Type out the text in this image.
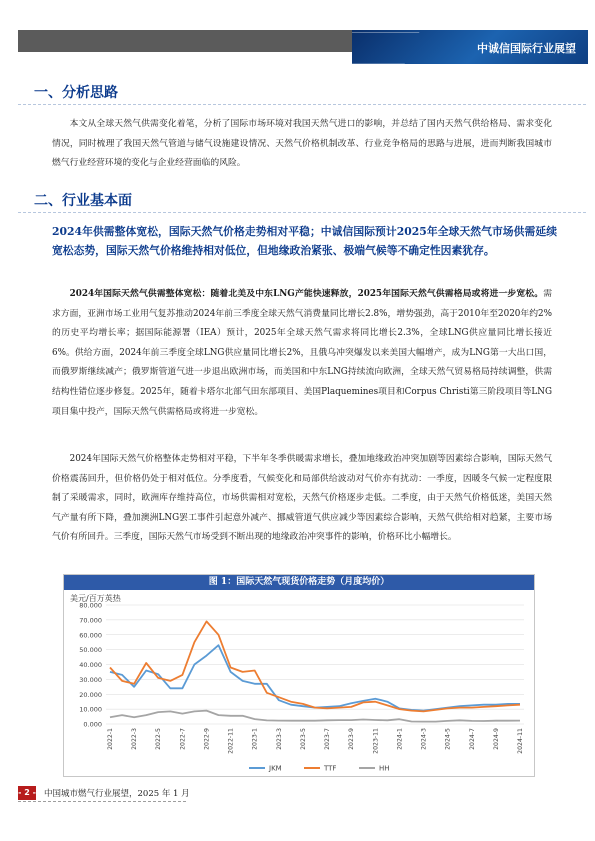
中诚信国际行业展望
一、分析思路

本文从全球天然气供需变化着笔，分析了国际市场环境对我国天然气进口的影响，并总结了国内天然气供给格局、需求变化情况，同时梳理了我国天然气管道与储气设施建设情况、天然气价格机制改革、行业竞争格局的思路与进展，进而判断我国城市燃气行业经营环境的变化与企业经营面临的风险。

二、行业基本面

2024年供需整体宽松，国际天然气价格走势相对平稳；中诚信国际预计2025年全球天然气市场供需延续宽松态势，国际天然气价格维持相对低位，但地缘政治紧张、极端气候等不确定性因素犹存。

2024年国际天然气供需整体宽松：随着北美及中东LNG产能快速释放，2025年国际天然气供需格局或将进一步宽松。需求方面，亚洲市场工业用气复苏推动2024年前三季度全球天然气消费量同比增长2.8%，增势强劲，高于2010年至2020年约2%的历史平均增长率；据国际能源署（IEA）预计，2025年全球天然气需求将同比增长2.3%，全球LNG供应量同比增长接近6%。供给方面，2024年前三季度全球LNG供应量同比增长2%，且俄乌冲突爆发以来美国大幅增产，成为LNG第一大出口国，而俄罗斯继续减产；俄罗斯管道气进一步退出欧洲市场，而美国和中东LNG持续流向欧洲，全球天然气贸易格局持续调整，供需结构性错位逐步修复。2025年，随着卡塔尔北部气田东部项目、美国Plaquemines项目和Corpus Christi第三阶段项目等LNG项目集中投产，国际天然气供需格局或将进一步宽松。

2024年国际天然气价格整体走势相对平稳，下半年冬季供暖需求增长，叠加地缘政治冲突加剧等因素综合影响，国际天然气价格震荡回升，但价格仍处于相对低位。分季度看，气候变化和局部供给波动对气价亦有扰动：一季度，因暖冬气候一定程度限制了采暖需求，同时，欧洲库存维持高位，市场供需相对宽松，天然气价格逐步走低。二季度，由于天然气价格低迷，美国天然气产量有所下降，叠加澳洲LNG罢工事件引起意外减产、挪威管道气供应减少等因素综合影响，天然气供给相对趋紧，主要市场气价有所回升。三季度，国际天然气市场受到不断出现的地缘政治冲突事件的影响，价格环比小幅增长。

图 1：国际天然气现货价格走势（月度均价）
美元/百万英热
0.000
10.000
20.000
30.000
40.000
50.000
60.000
70.000
80.000
2022-1	2022-3	2022-5	2022-7	2022-9	2022-11	2023-1	2023-3	2023-5	2023-7	2023-9	2023-11	2024-1	2024-3	2024-5	2024-7	2024-9	2024-11
JKM	TTF	HH
- 2 - 中国城市燃气行业展望，2025 年 1 月
